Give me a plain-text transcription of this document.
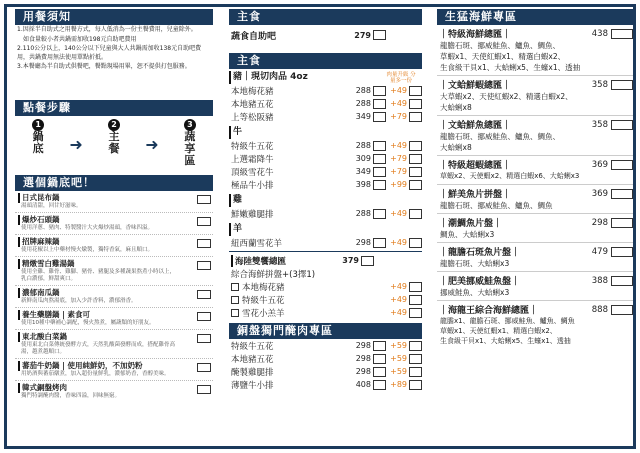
用餐須知

1.因採半自助式之用餐方式，每人低消為一份主餐費用，兒童除外。

如食量較小者共鍋需加收198元自助吧費用

2.110公分以上，140公分以下兒童與大人共鍋需加收138元自助吧費用，共鍋費用無法使用單點折抵。

3.本餐廳為半自助式供餐吧，餐點現場用畢，恕不提供打包服務。

點餐步驟
1
鍋底 ➜
2
主餐 ➜
3
蔬享區
選個鍋底吧！
日式昆布鍋
湯頭清甜，回甘好滋味。
爆炒石頭鍋
使用洋蔥、豬肉、特製醬汁大火爆炒湯頭，香味四溢。
招牌麻辣鍋
使用花椒以上中藥材慢火燉製，獨特香氣，麻且順口。
精燉雪白雞湯鍋
使用全雞、雞骨、雞腳、豬骨、豬腿及多種蔬果熬煮小時以上，乳白濃郁，鮮甜爽口。
濃郁南瓜鍋
新鮮南瓜肉熬湯底，加入少許香料，濃郁滑香。
養生藥膳鍋 | 素食可
使用10種中藥補心調配，慢火熬煮，屬蔬類的好朋友。
東北酸白菜鍋
使用東北白菜傳統發酵方式，天然乳酸菌發酵而成，搭配雞骨高湯，越煮越順口。
蕃茄牛奶鍋 | 使用純鮮奶，不加奶粉
用奶酒與蕃茄燉煮，加入超份量鮮乳，濃郁奶香，香醇美味。
韓式銅盤烤肉
獨門特調醃肉醬，香味四溢，回味無窮。
主食
蔬食自助吧	279
主食
肉量升級 分量多一份
豬｜現切肉品 4oz
本地梅花豬	288 +49
本地豬五花	288 +49
上等松阪豬	349 +79
牛
特級牛五花	288 +49
上選霜降牛	309 +79
頂級雪花牛	349 +79
極品牛小排	398 +99
雞
鮮嫩雞腿排	288 +49
羊
紐西蘭雪花羊	298 +49
海陸雙饗總匯	379
綜合海鮮拼盤+(3擇1)
本地梅花豬	+49
特級牛五花	+49
雪花小羔羊	+49
銅盤獨門醃肉專區
特級牛五花	298 +59
本地豬五花	298 +59
醃製雞腿排	298 +59
薄鹽牛小排	408 +89
生猛海鮮專區
｜特級海鮮總匯｜	438
龍膽石斑、挪威鮭魚、鱸魚、鯛魚、
草蝦x1、天使紅蝦x1、精選白蝦x2、
生食級干貝x1、大蛤蜊x5、生蠔x1、透抽
｜文蛤鮮蝦總匯｜	358
大草蝦x2、天使紅蝦x2、精選白蝦x2、
大蛤蜊x8
｜文蛤鮮魚總匯｜	358
龍膽石斑、挪威鮭魚、鱸魚、鯛魚、
大蛤蜊x8
｜特級超蝦總匯｜	369
草蝦x2、天使蝦x2、精選白蝦x6、大蛤蜊x3
｜鮮美魚片拼盤｜	369
龍膽石斑、挪威鮭魚、鱸魚、鯛魚
｜潮鯛魚片盤｜	298
鯛魚、大蛤蜊x3
｜龍膽石斑魚片盤｜	479
龍膽石斑、大蛤蜊x3
｜肥美挪威鮭魚盤｜	388
挪威鮭魚、大蛤蜊x3
｜海龍王綜合海鮮總匯｜	888
龍膽x1、龍膽石斑、挪威鮭魚、鱸魚、鯛魚
草蝦x1、天使紅蝦x1、精選白蝦x2、
生食級干貝x1、大蛤蜊x5、生蠔x1、透抽
